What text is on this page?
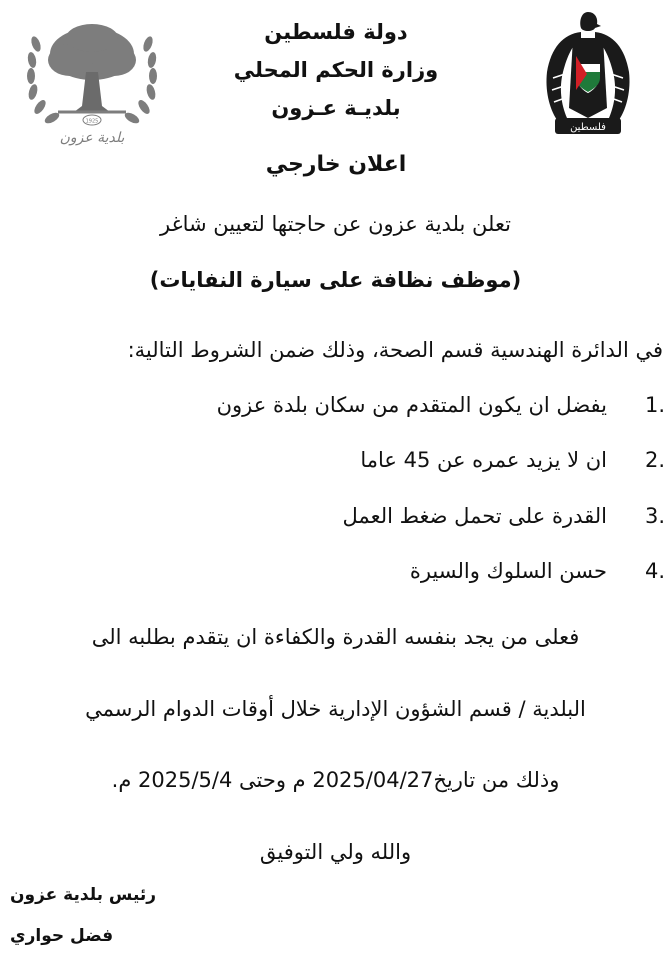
فلسطين
1925
بلدية عزون
دولة فلسطين
وزارة الحكم المحلي
بلديـة عـزون
اعلان خارجي
تعلن بلدية عزون عن حاجتها لتعيين شاغر
(موظف نظافة على سيارة النفايات)
في الدائرة الهندسية قسم الصحة، وذلك ضمن الشروط التالية:
1.
يفضل ان يكون المتقدم من سكان بلدة عزون
2.
ان لا يزيد عمره عن 45 عاما
3.
القدرة على تحمل ضغط العمل
4.
حسن السلوك والسيرة
فعلى من يجد بنفسه القدرة والكفاءة ان يتقدم بطلبه الى
البلدية / قسم الشؤون الإدارية خلال أوقات الدوام الرسمي
وذلك من تاريخ2025/04/27 م وحتى 2025/5/4 م.
والله ولي التوفيق
رئيس بلدية عزون
فضل حواري
